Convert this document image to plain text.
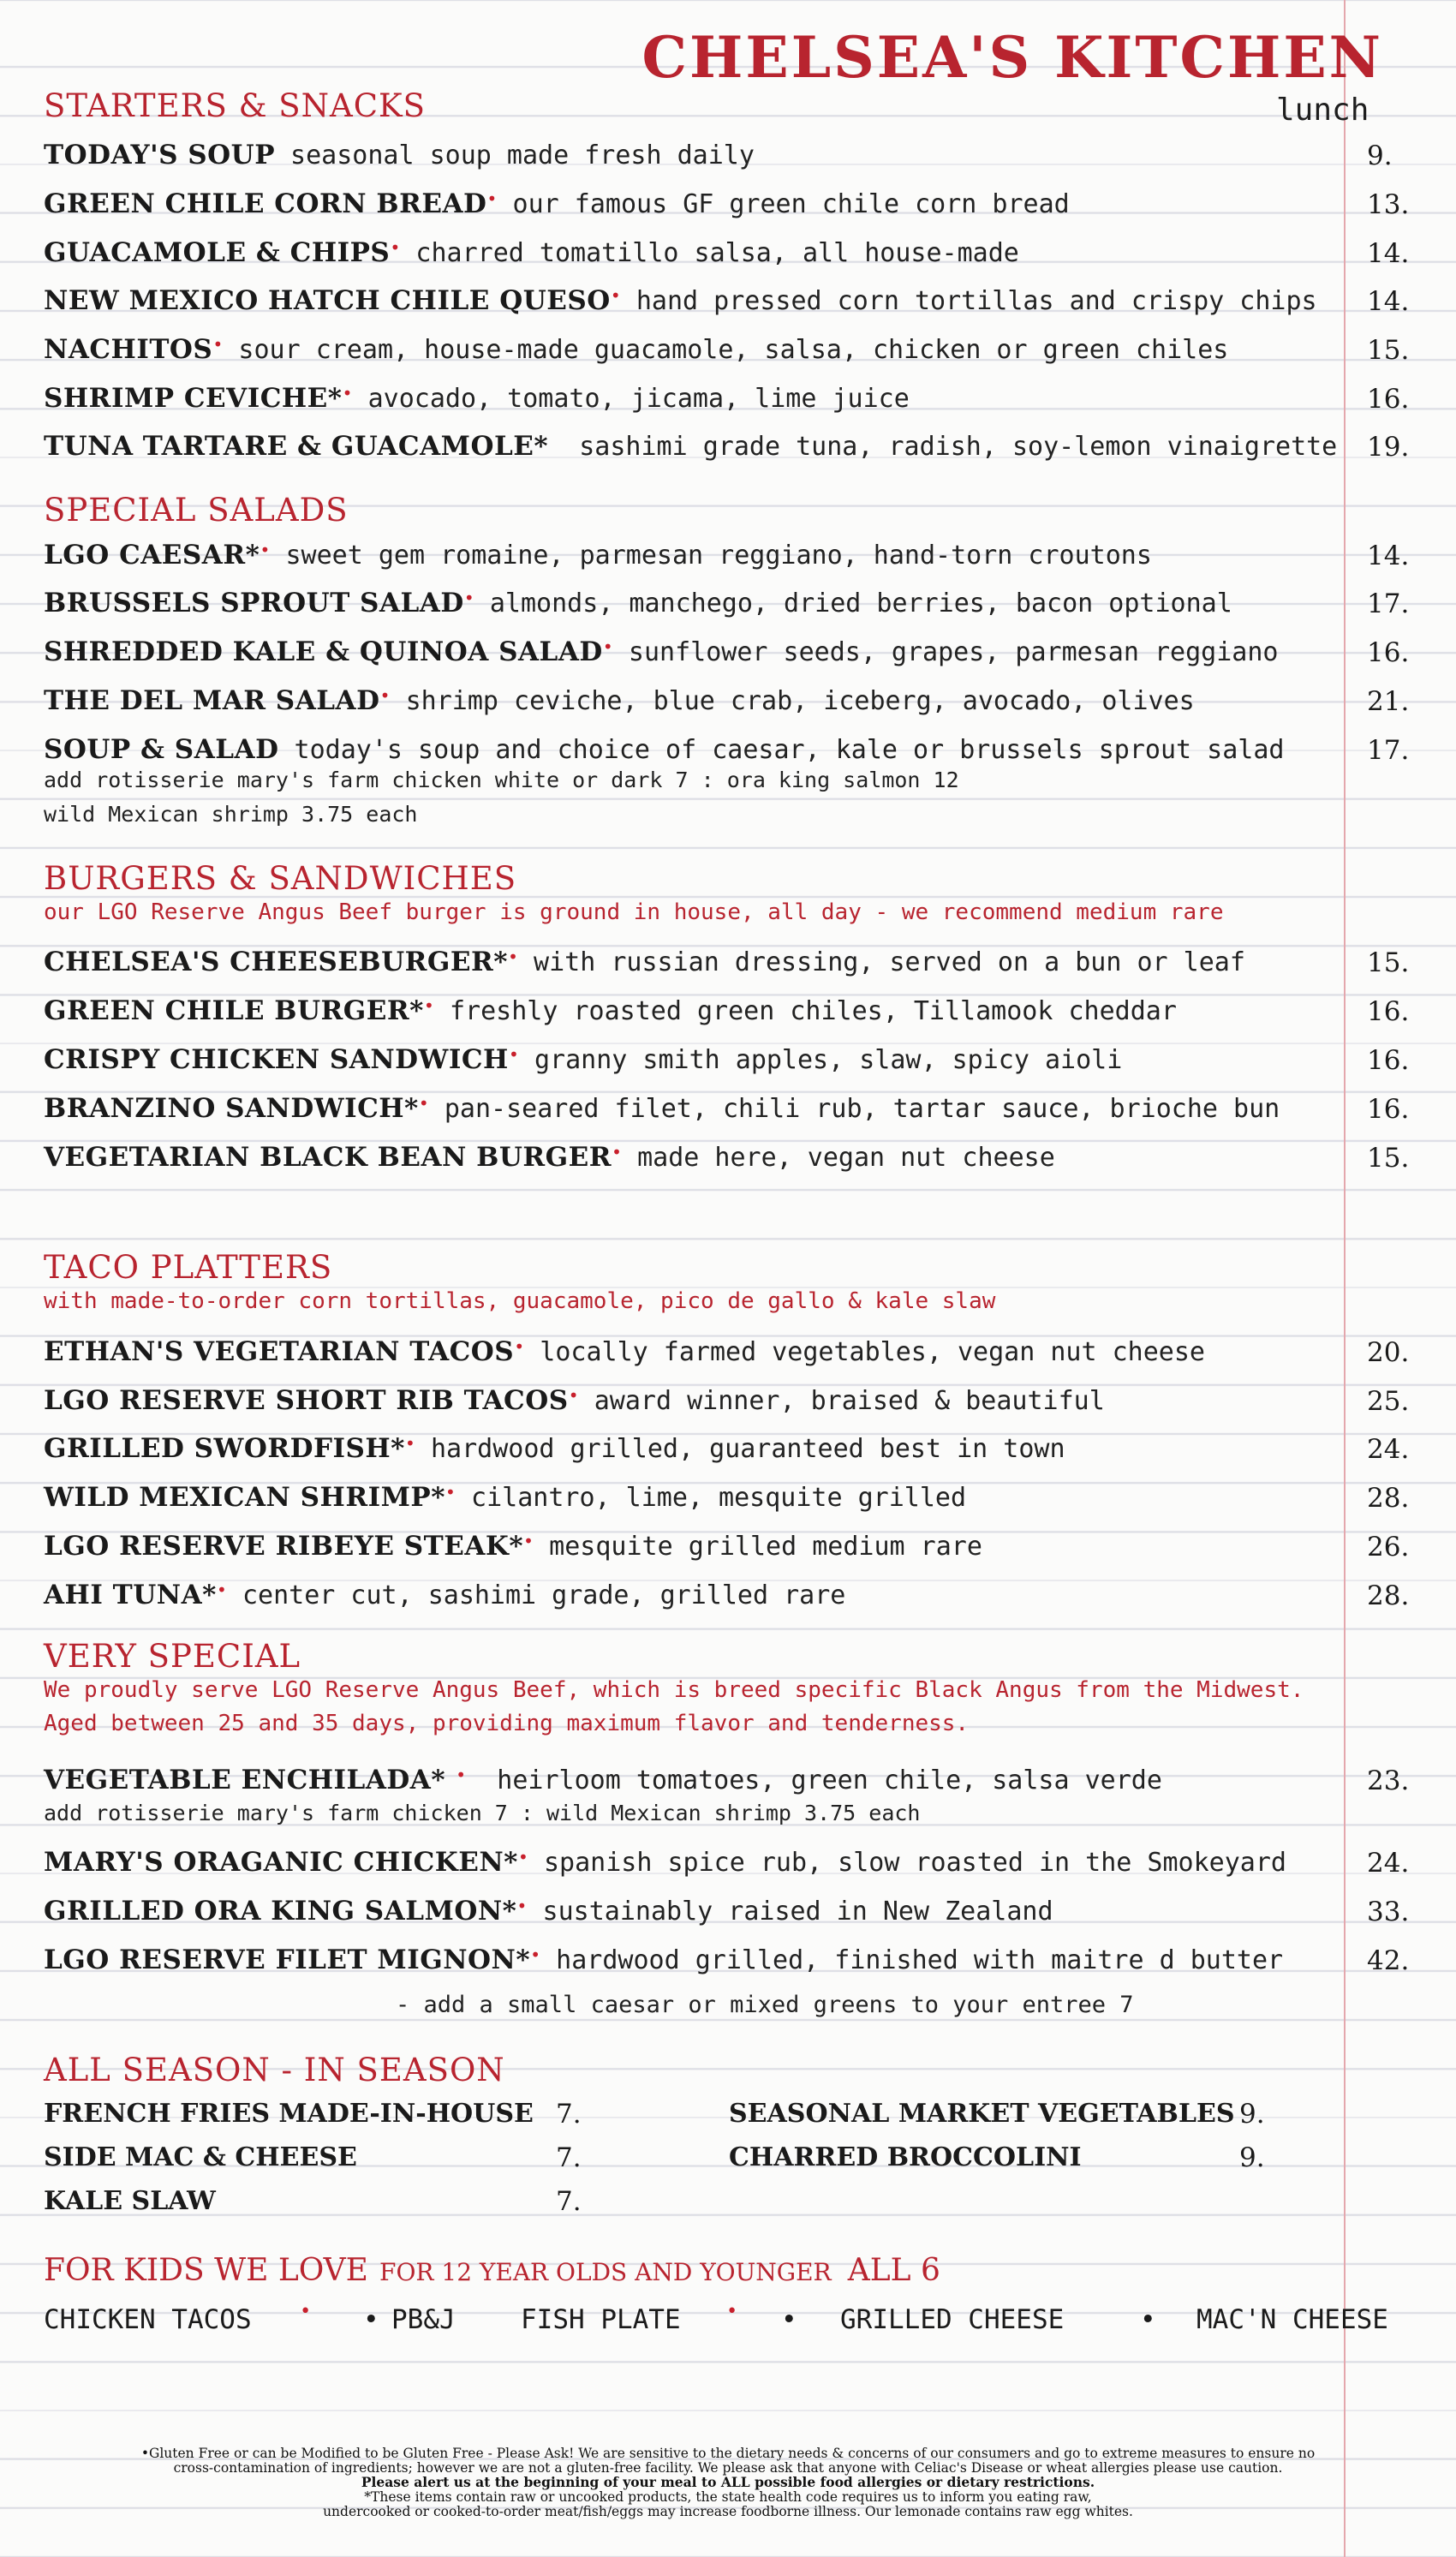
CHELSEA'S KITCHEN
lunch
STARTERS & SNACKS
TODAY'S SOUP seasonal soup made fresh daily	9.
GREEN CHILE CORN BREAD• our famous GF green chile corn bread	13.
GUACAMOLE & CHIPS• charred tomatillo salsa, all house-made	14.
NEW MEXICO HATCH CHILE QUESO• hand pressed corn tortillas and crispy chips 14.
NACHITOS• sour cream, house-made guacamole, salsa, chicken or green chiles	15.
SHRIMP CEVICHE*• avocado, tomato, jicama, lime juice	16.
TUNA TARTARE & GUACAMOLE*  sashimi grade tuna, radish, soy-lemon vinaigrette 19.
SPECIAL SALADS
LGO CAESAR*• sweet gem romaine, parmesan reggiano, hand-torn croutons	14.
BRUSSELS SPROUT SALAD• almonds, manchego, dried berries, bacon optional	17.
SHREDDED KALE & QUINOA SALAD• sunflower seeds, grapes, parmesan reggiano	16.
THE DEL MAR SALAD• shrimp ceviche, blue crab, iceberg, avocado, olives	21.
SOUP & SALAD today's soup and choice of caesar, kale or brussels sprout salad	17.
add rotisserie mary's farm chicken white or dark 7 : ora king salmon 12
wild Mexican shrimp 3.75 each
BURGERS & SANDWICHES
our LGO Reserve Angus Beef burger is ground in house, all day - we recommend medium rare
CHELSEA'S CHEESEBURGER*• with russian dressing, served on a bun or leaf	15.
GREEN CHILE BURGER*• freshly roasted green chiles, Tillamook cheddar	16.
CRISPY CHICKEN SANDWICH• granny smith apples, slaw, spicy aioli	16.
BRANZINO SANDWICH*• pan-seared filet, chili rub, tartar sauce, brioche bun	16.
VEGETARIAN BLACK BEAN BURGER• made here, vegan nut cheese	15.
TACO PLATTERS
with made-to-order corn tortillas, guacamole, pico de gallo & kale slaw
ETHAN'S VEGETARIAN TACOS• locally farmed vegetables, vegan nut cheese	20.
LGO RESERVE SHORT RIB TACOS• award winner, braised & beautiful	25.
GRILLED SWORDFISH*• hardwood grilled, guaranteed best in town	24.
WILD MEXICAN SHRIMP*• cilantro, lime, mesquite grilled	28.
LGO RESERVE RIBEYE STEAK*• mesquite grilled medium rare	26.
AHI TUNA*• center cut, sashimi grade, grilled rare	28.
VERY SPECIAL
We proudly serve LGO Reserve Angus Beef, which is breed specific Black Angus from the Midwest.
Aged between 25 and 35 days, providing maximum flavor and tenderness.
VEGETABLE ENCHILADA* •  heirloom tomatoes, green chile, salsa verde	23.
MARY'S ORAGANIC CHICKEN*• spanish spice rub, slow roasted in the Smokeyard	24.
GRILLED ORA KING SALMON*• sustainably raised in New Zealand	33.
LGO RESERVE FILET MIGNON*• hardwood grilled, finished with maitre d butter	42.
add rotisserie mary's farm chicken 7 : wild Mexican shrimp 3.75 each
- add a small caesar or mixed greens to your entree 7
ALL SEASON - IN SEASON
FRENCH FRIES MADE-IN-HOUSE 7.
SIDE MAC & CHEESE	7.
KALE SLAW	7.
SEASONAL MARKET VEGETABLES 9.
CHARRED BROCCOLINI	9.
FOR KIDS WE LOVE FOR 12 YEAR OLDS AND YOUNGER ALL 6
CHICKEN TACOS	• • PB&J FISH PLATE • • GRILLED CHEESE	• MAC'N CHEESE
•Gluten Free or can be Modified to be Gluten Free - Please Ask! We are sensitive to the dietary needs & concerns of our consumers and go to extreme measures to ensure no
cross-contamination of ingredients; however we are not a gluten-free facility. We please ask that anyone with Celiac's Disease or wheat allergies please use caution.
Please alert us at the beginning of your meal to ALL possible food allergies or dietary restrictions.
*These items contain raw or uncooked products, the state health code requires us to inform you eating raw,
undercooked or cooked-to-order meat/fish/eggs may increase foodborne illness. Our lemonade contains raw egg whites.
